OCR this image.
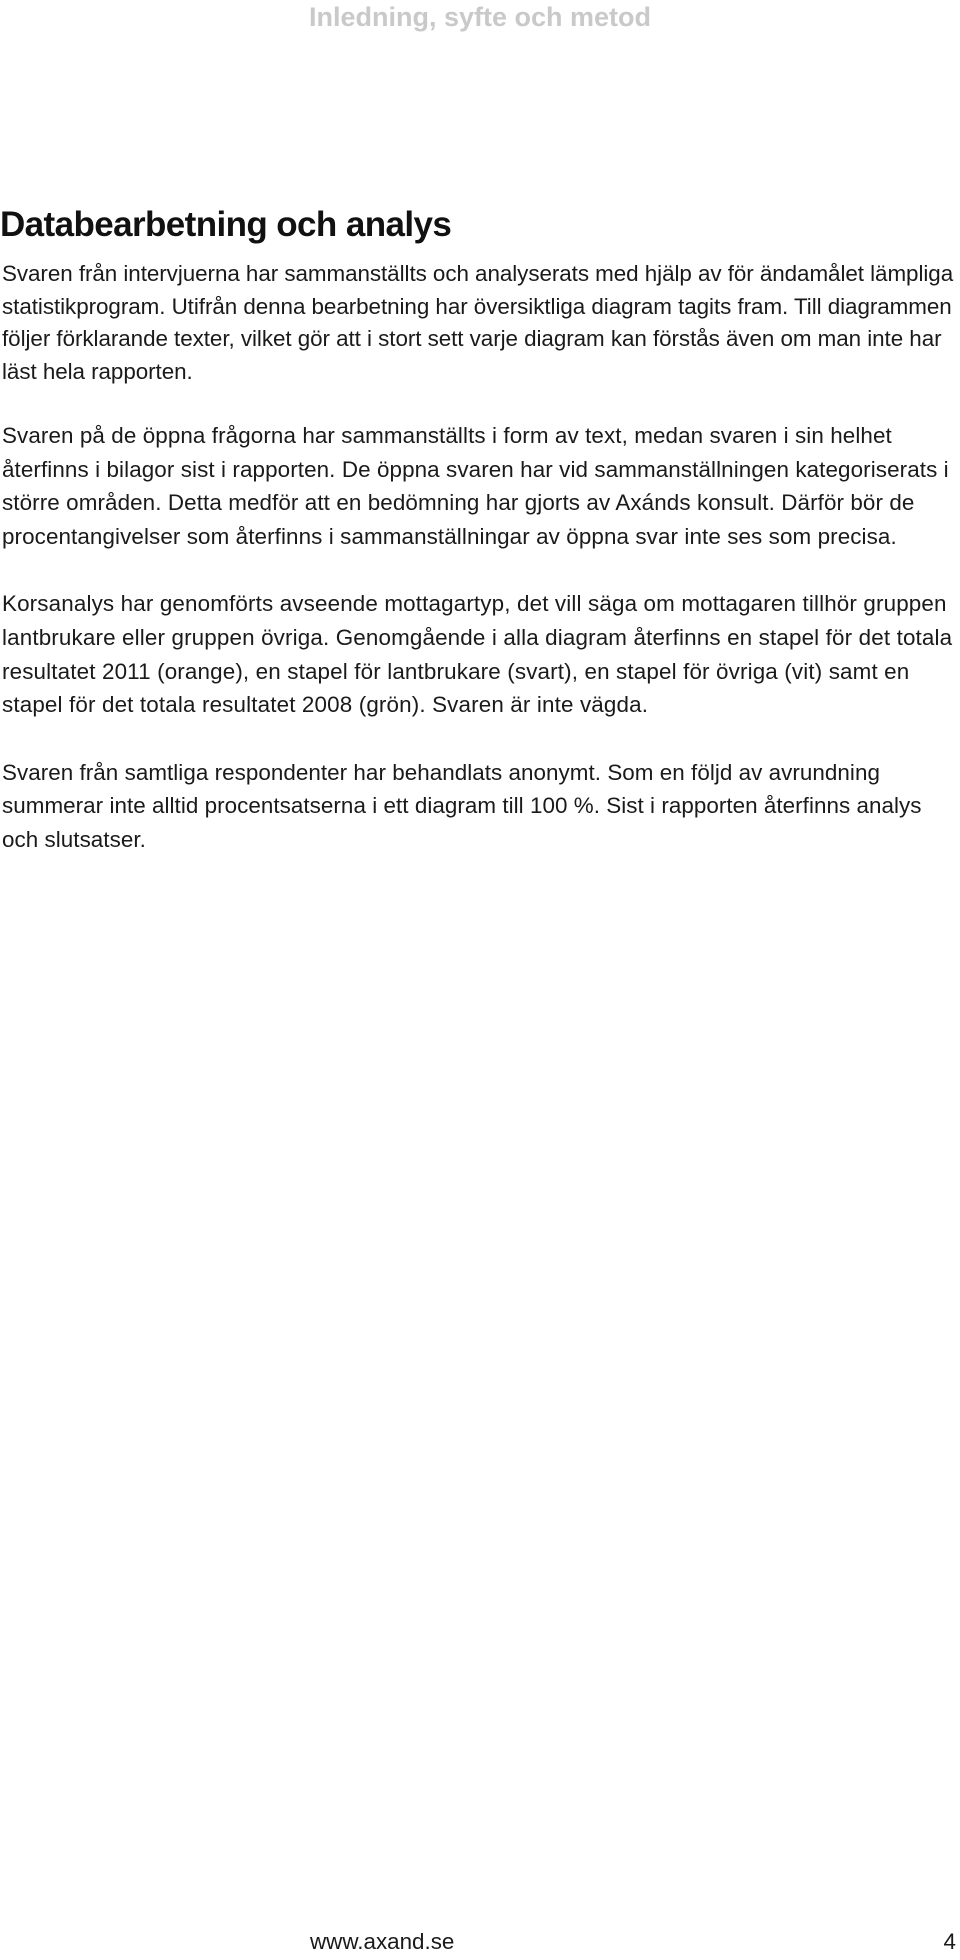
Inledning, syfte och metod
Databearbetning och analys

Svaren från intervjuerna har sammanställts och analyserats med hjälp av för ändamålet lämpliga statistikprogram. Utifrån denna bearbetning har översiktliga diagram tagits fram. Till diagrammen följer förklarande texter, vilket gör att i stort sett varje diagram kan förstås även om man inte har läst hela rapporten.

Svaren på de öppna frågorna har sammanställts i form av text, medan svaren i sin helhet återfinns i bilagor sist i rapporten. De öppna svaren har vid sammanställningen kategoriserats i större områden. Detta medför att en bedömning har gjorts av Axánds konsult. Därför bör de procentangivelser som återfinns i sammanställningar av öppna svar inte ses som precisa.

Korsanalys har genomförts avseende mottagartyp, det vill säga om mottagaren tillhör gruppen lantbrukare eller gruppen övriga. Genomgående i alla diagram återfinns en stapel för det totala resultatet 2011 (orange), en stapel för lantbrukare (svart), en stapel för övriga (vit) samt en stapel för det totala resultatet 2008 (grön). Svaren är inte vägda.

Svaren från samtliga respondenter har behandlats anonymt. Som en följd av avrundning summerar inte alltid procentsatserna i ett diagram till 100 %. Sist i rapporten återfinns analys och slutsatser.

www.axand.se	4
